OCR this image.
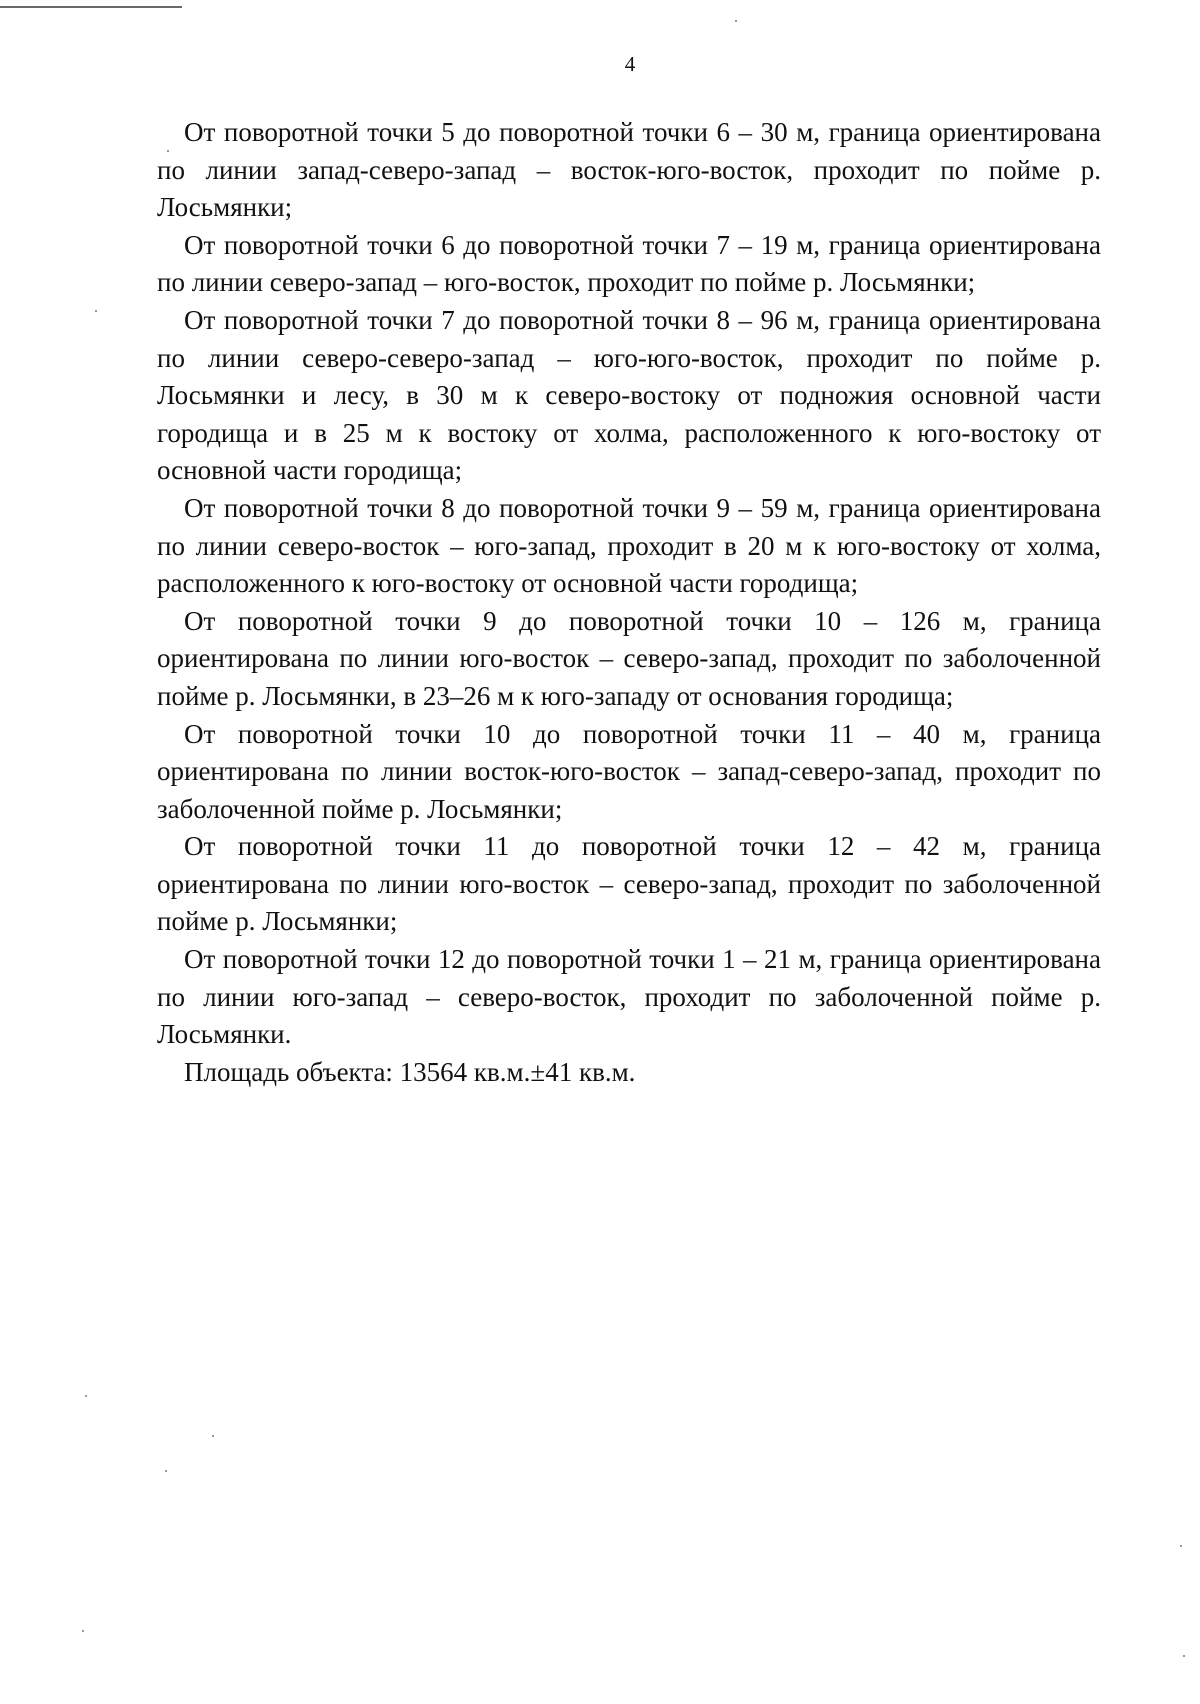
4

От поворотной точки 5 до поворотной точки 6 – 30 м, граница ориентирована по линии запад-северо-запад – восток-юго-восток, проходит по пойме р. Лосьмянки;

От поворотной точки 6 до поворотной точки 7 – 19 м, граница ориентирована по линии северо-запад – юго-восток, проходит по пойме р. Лосьмянки;

От поворотной точки 7 до поворотной точки 8 – 96 м, граница ориентирована по линии северо-северо-запад – юго-юго-восток, проходит по пойме р. Лосьмянки и лесу, в 30 м к северо-востоку от подножия основной части городища и в 25 м к востоку от холма, расположенного к юго-востоку от основной части городища;

От поворотной точки 8 до поворотной точки 9 – 59 м, граница ориентирована по линии северо-восток – юго-запад, проходит в 20 м к юго-востоку от холма, расположенного к юго-востоку от основной части городища;

От поворотной точки 9 до поворотной точки 10 – 126 м, граница ориентирована по линии юго-восток – северо-запад, проходит по заболоченной пойме р. Лосьмянки, в 23–26 м к юго-западу от основания городища;

От поворотной точки 10 до поворотной точки 11 – 40 м, граница ориентирована по линии восток-юго-восток – запад-северо-запад, проходит по заболоченной пойме р. Лосьмянки;

От поворотной точки 11 до поворотной точки 12 – 42 м, граница ориентирована по линии юго-восток – северо-запад, проходит по заболоченной пойме р. Лосьмянки;

От поворотной точки 12 до поворотной точки 1 – 21 м, граница ориентирована по линии юго-запад – северо-восток, проходит по заболоченной пойме р. Лосьмянки.

Площадь объекта: 13564 кв.м.±41 кв.м.
